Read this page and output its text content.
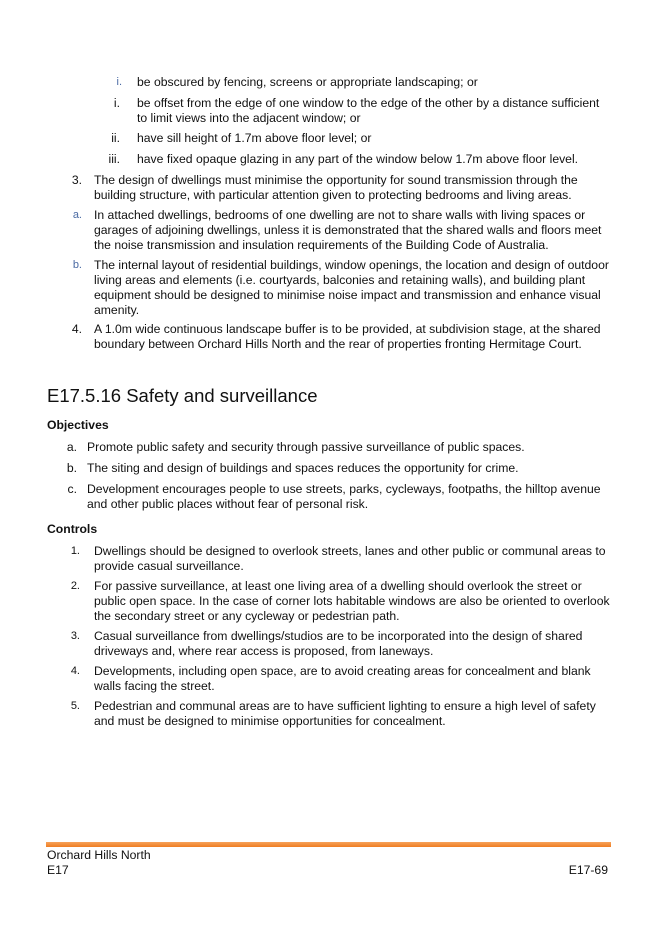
i. be obscured by fencing, screens or appropriate landscaping; or
i. be offset from the edge of one window to the edge of the other by a distance sufficient to limit views into the adjacent window; or
ii. have sill height of 1.7m above floor level; or
iii. have fixed opaque glazing in any part of the window below 1.7m above floor level.
3. The design of dwellings must minimise the opportunity for sound transmission through the building structure, with particular attention given to protecting bedrooms and living areas.
a. In attached dwellings, bedrooms of one dwelling are not to share walls with living spaces or garages of adjoining dwellings, unless it is demonstrated that the shared walls and floors meet the noise transmission and insulation requirements of the Building Code of Australia.
b. The internal layout of residential buildings, window openings, the location and design of outdoor living areas and elements (i.e. courtyards, balconies and retaining walls), and building plant equipment should be designed to minimise noise impact and transmission and enhance visual amenity.
4. A 1.0m wide continuous landscape buffer is to be provided, at subdivision stage, at the shared boundary between Orchard Hills North and the rear of properties fronting Hermitage Court.
E17.5.16 Safety and surveillance
Objectives
a. Promote public safety and security through passive surveillance of public spaces.
b. The siting and design of buildings and spaces reduces the opportunity for crime.
c. Development encourages people to use streets, parks, cycleways, footpaths, the hilltop avenue and other public places without fear of personal risk.
Controls
1. Dwellings should be designed to overlook streets, lanes and other public or communal areas to provide casual surveillance.
2. For passive surveillance, at least one living area of a dwelling should overlook the street or public open space. In the case of corner lots habitable windows are also be oriented to overlook the secondary street or any cycleway or pedestrian path.
3. Casual surveillance from dwellings/studios are to be incorporated into the design of shared driveways and, where rear access is proposed, from laneways.
4. Developments, including open space, are to avoid creating areas for concealment and blank walls facing the street.
5. Pedestrian and communal areas are to have sufficient lighting to ensure a high level of safety and must be designed to minimise opportunities for concealment.
Orchard Hills North
E17	E17-69
